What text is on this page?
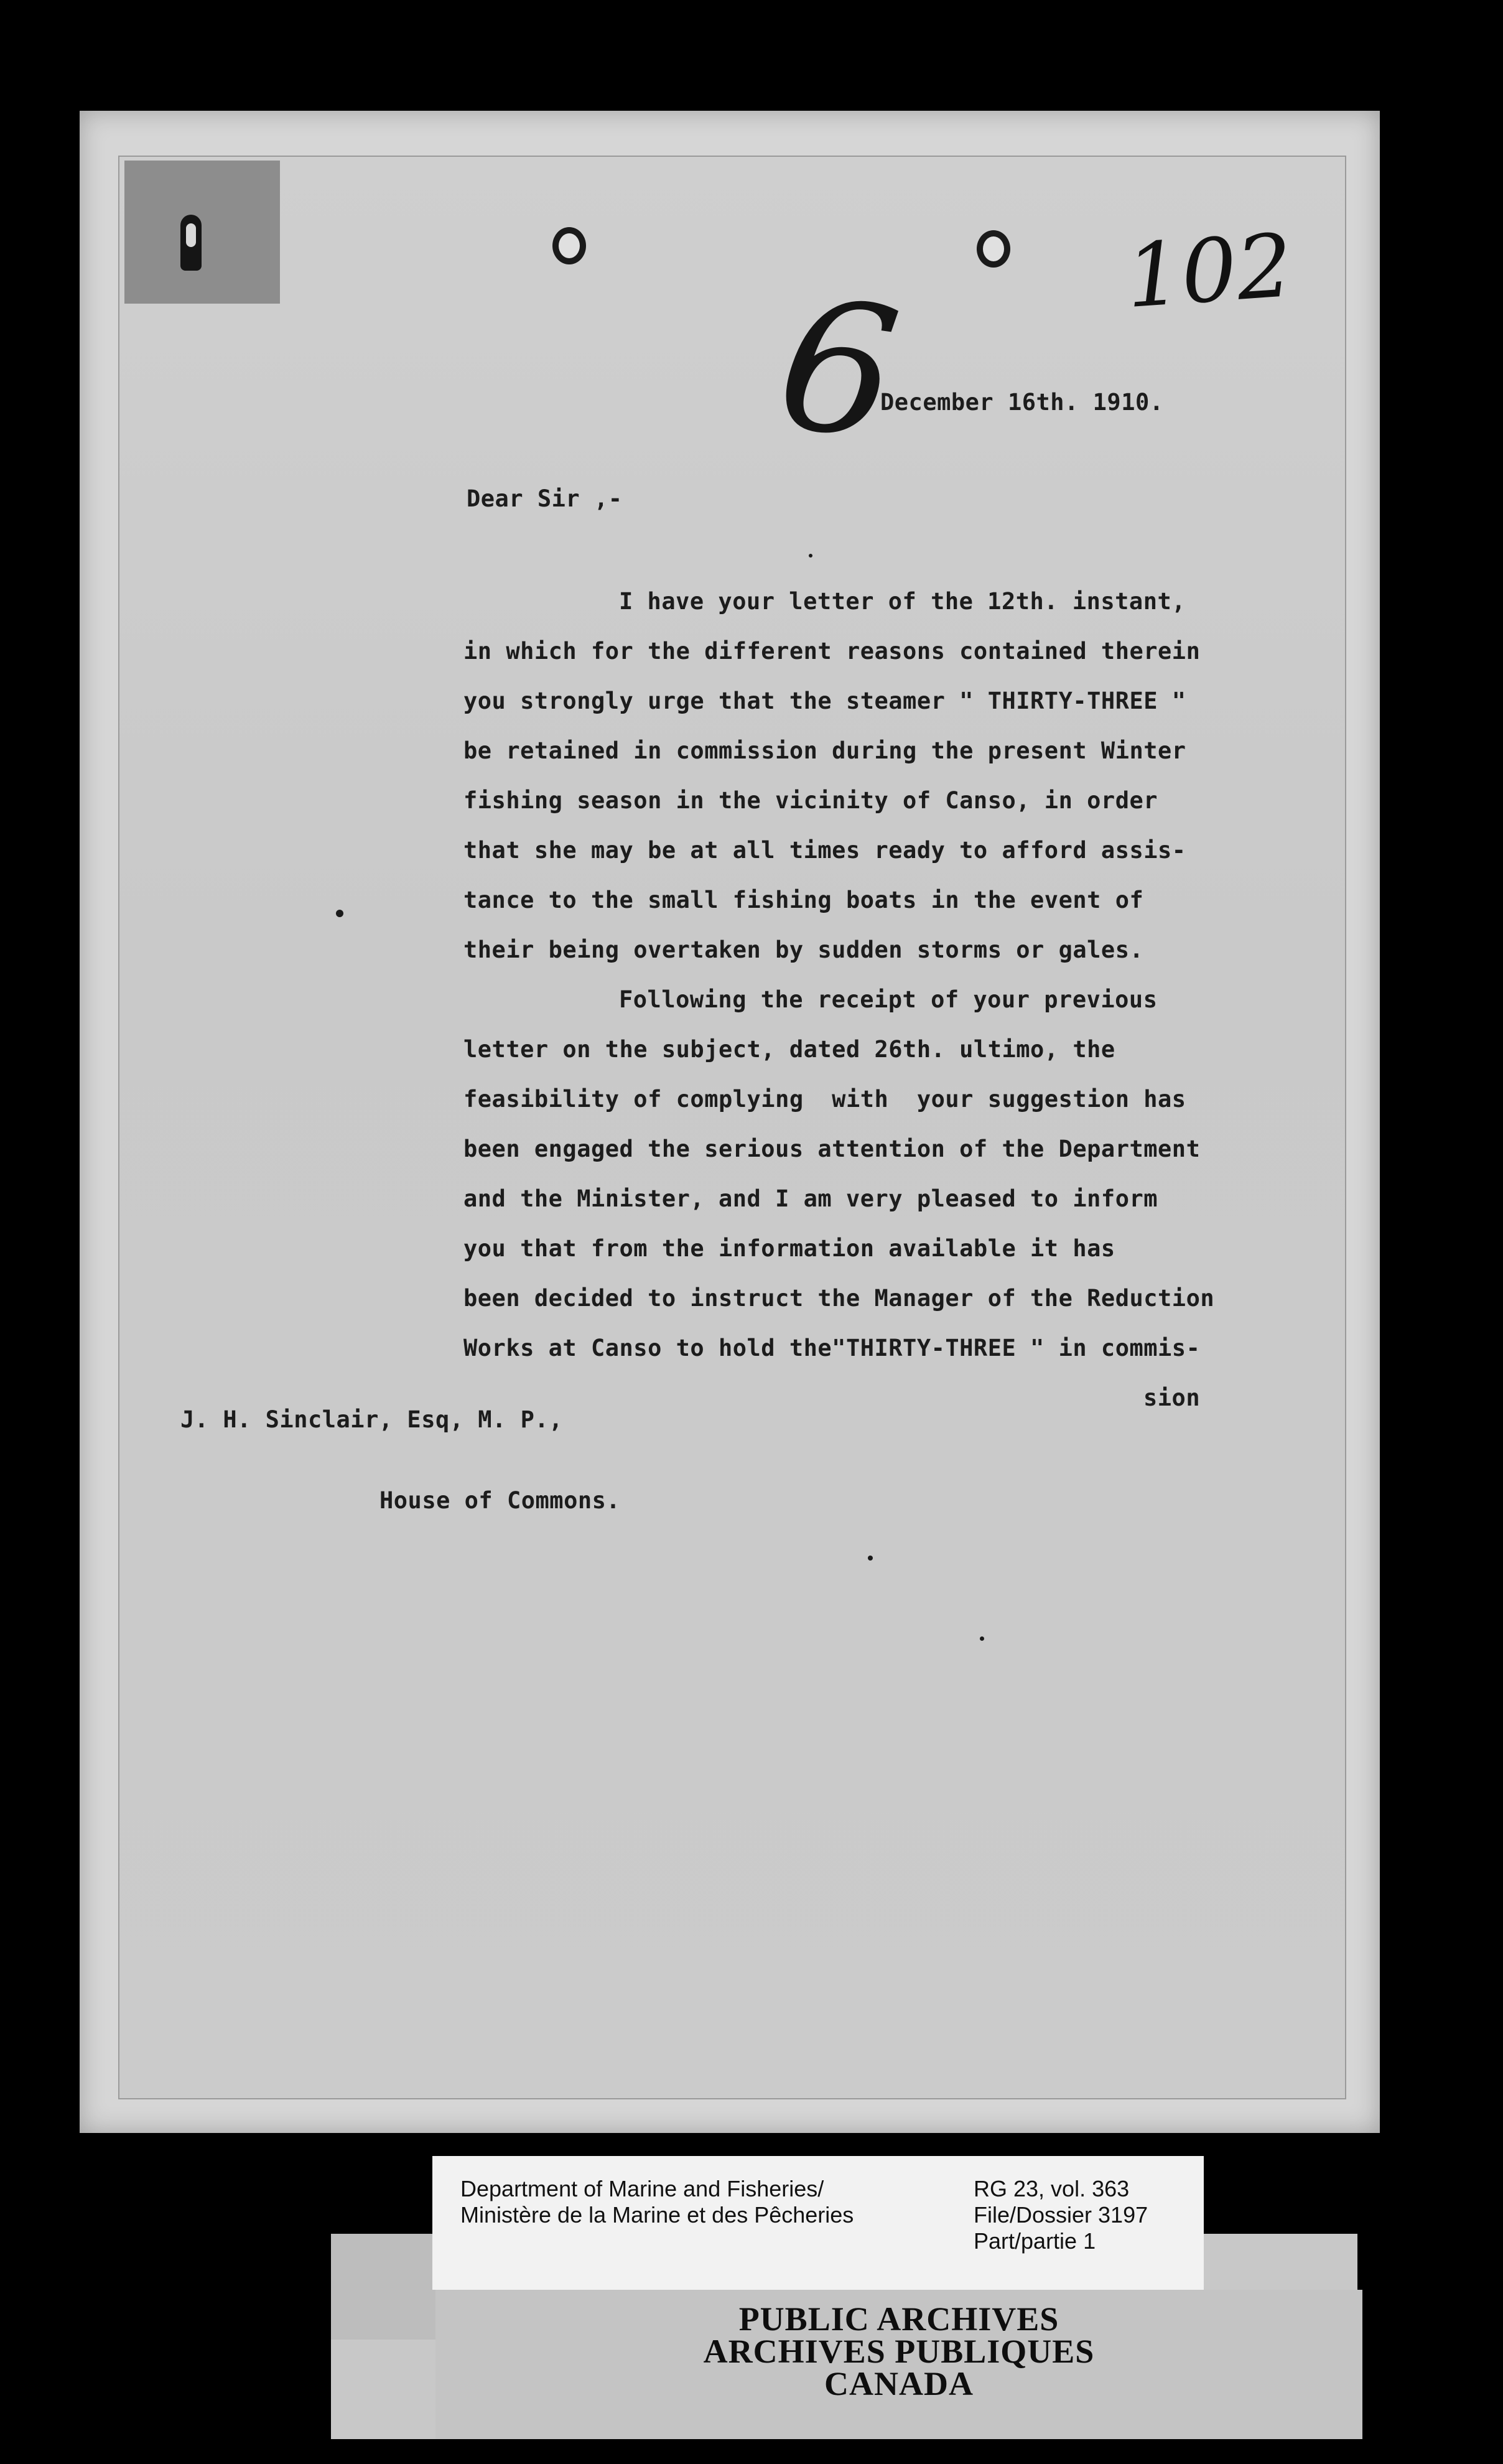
102
6
December 16th. 1910.
Dear Sir ,-
I have your letter of the 12th. instant,
in which for the different reasons contained therein
you strongly urge that the steamer " THIRTY-THREE "
be retained in commission during the present Winter
fishing season in the vicinity of Canso, in order
that she may be at all times ready to afford assis-
tance to the small fishing boats in the event of
their being overtaken by sudden storms or gales.
Following the receipt of your previous
letter on the subject, dated 26th. ultimo, the
feasibility of complying  with  your suggestion has
been engaged the serious attention of the Department
and the Minister, and I am very pleased to inform
you that from the information available it has
been decided to instruct the Manager of the Reduction
Works at Canso to hold the"THIRTY-THREE " in commis-
sion
J. H. Sinclair, Esq, M. P.,
House of Commons.
Department of Marine and Fisheries/
Ministère de la Marine et des Pêcheries
RG 23, vol. 363
File/Dossier 3197
Part/partie 1
PUBLIC ARCHIVES
ARCHIVES PUBLIQUES
CANADA
